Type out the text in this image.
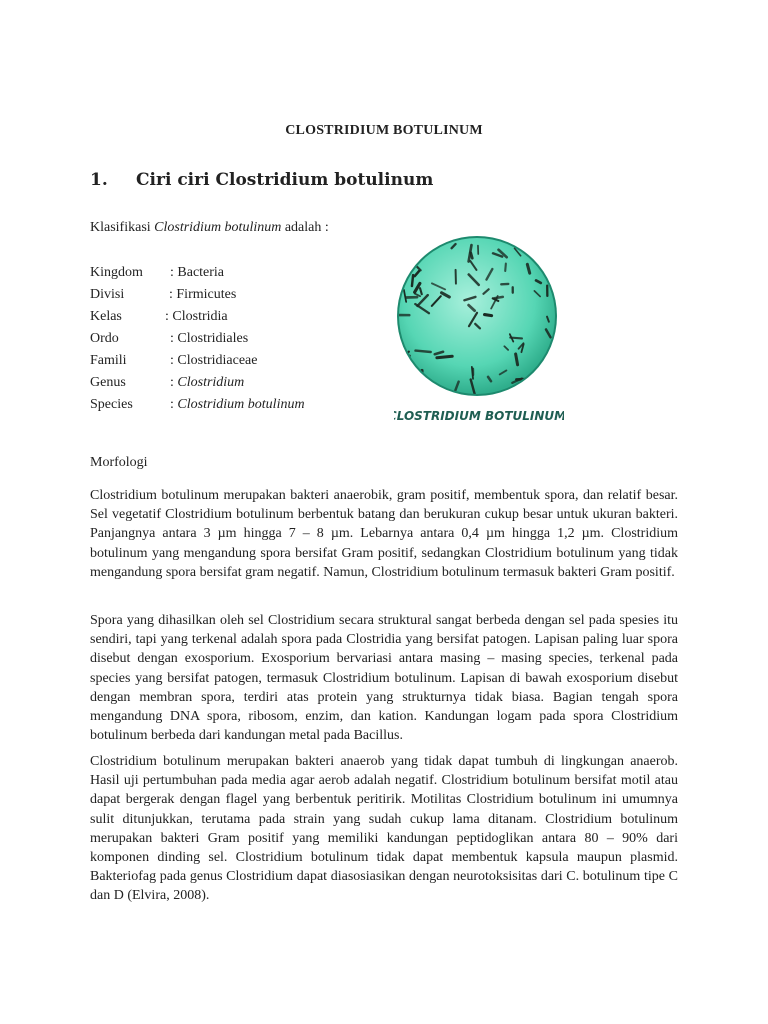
CLOSTRIDIUM BOTULINUM
1. Ciri ciri Clostridium botulinum
Klasifikasi Clostridium botulinum adalah :
Kingdom	: Bacteria
Divisi	: Firmicutes
Kelas	: Clostridia
Ordo	: Clostridiales
Famili	: Clostridiaceae
Genus	: Clostridium
Species	: Clostridium botulinum
CLOSTRIDIUM BOTULINUM
Morfologi

Clostridium botulinum merupakan bakteri anaerobik, gram positif, membentuk spora, dan relatif besar. Sel vegetatif Clostridium botulinum berbentuk batang dan berukuran cukup besar untuk ukuran bakteri. Panjangnya antara 3 µm hingga 7 – 8 µm. Lebarnya antara 0,4 µm hingga 1,2 µm. Clostridium botulinum yang mengandung spora bersifat Gram positif, sedangkan Clostridium botulinum yang tidak mengandung spora bersifat gram negatif. Namun, Clostridium botulinum termasuk bakteri Gram positif.

Spora yang dihasilkan oleh sel Clostridium secara struktural sangat berbeda dengan sel pada spesies itu sendiri, tapi yang terkenal adalah spora pada Clostridia yang bersifat patogen. Lapisan paling luar spora disebut dengan exosporium. Exosporium bervariasi antara masing – masing species, terkenal pada species yang bersifat patogen, termasuk Clostridium botulinum. Lapisan di bawah exosporium disebut dengan membran spora, terdiri atas protein yang strukturnya tidak biasa. Bagian tengah spora mengandung DNA spora, ribosom, enzim, dan kation. Kandungan logam pada spora Clostridium botulinum berbeda dari kandungan metal pada Bacillus.

Clostridium botulinum merupakan bakteri anaerob yang tidak dapat tumbuh di lingkungan anaerob. Hasil uji pertumbuhan pada media agar aerob adalah negatif. Clostridium botulinum bersifat motil atau dapat bergerak dengan flagel yang berbentuk peritirik. Motilitas Clostridium botulinum ini umumnya sulit ditunjukkan, terutama pada strain yang sudah cukup lama ditanam. Clostridium botulinum merupakan bakteri Gram positif yang memiliki kandungan peptidoglikan antara 80 – 90% dari komponen dinding sel. Clostridium botulinum tidak dapat membentuk kapsula maupun plasmid. Bakteriofag pada genus Clostridium dapat diasosiasikan dengan neurotoksisitas dari C. botulinum tipe C dan D (Elvira, 2008).
